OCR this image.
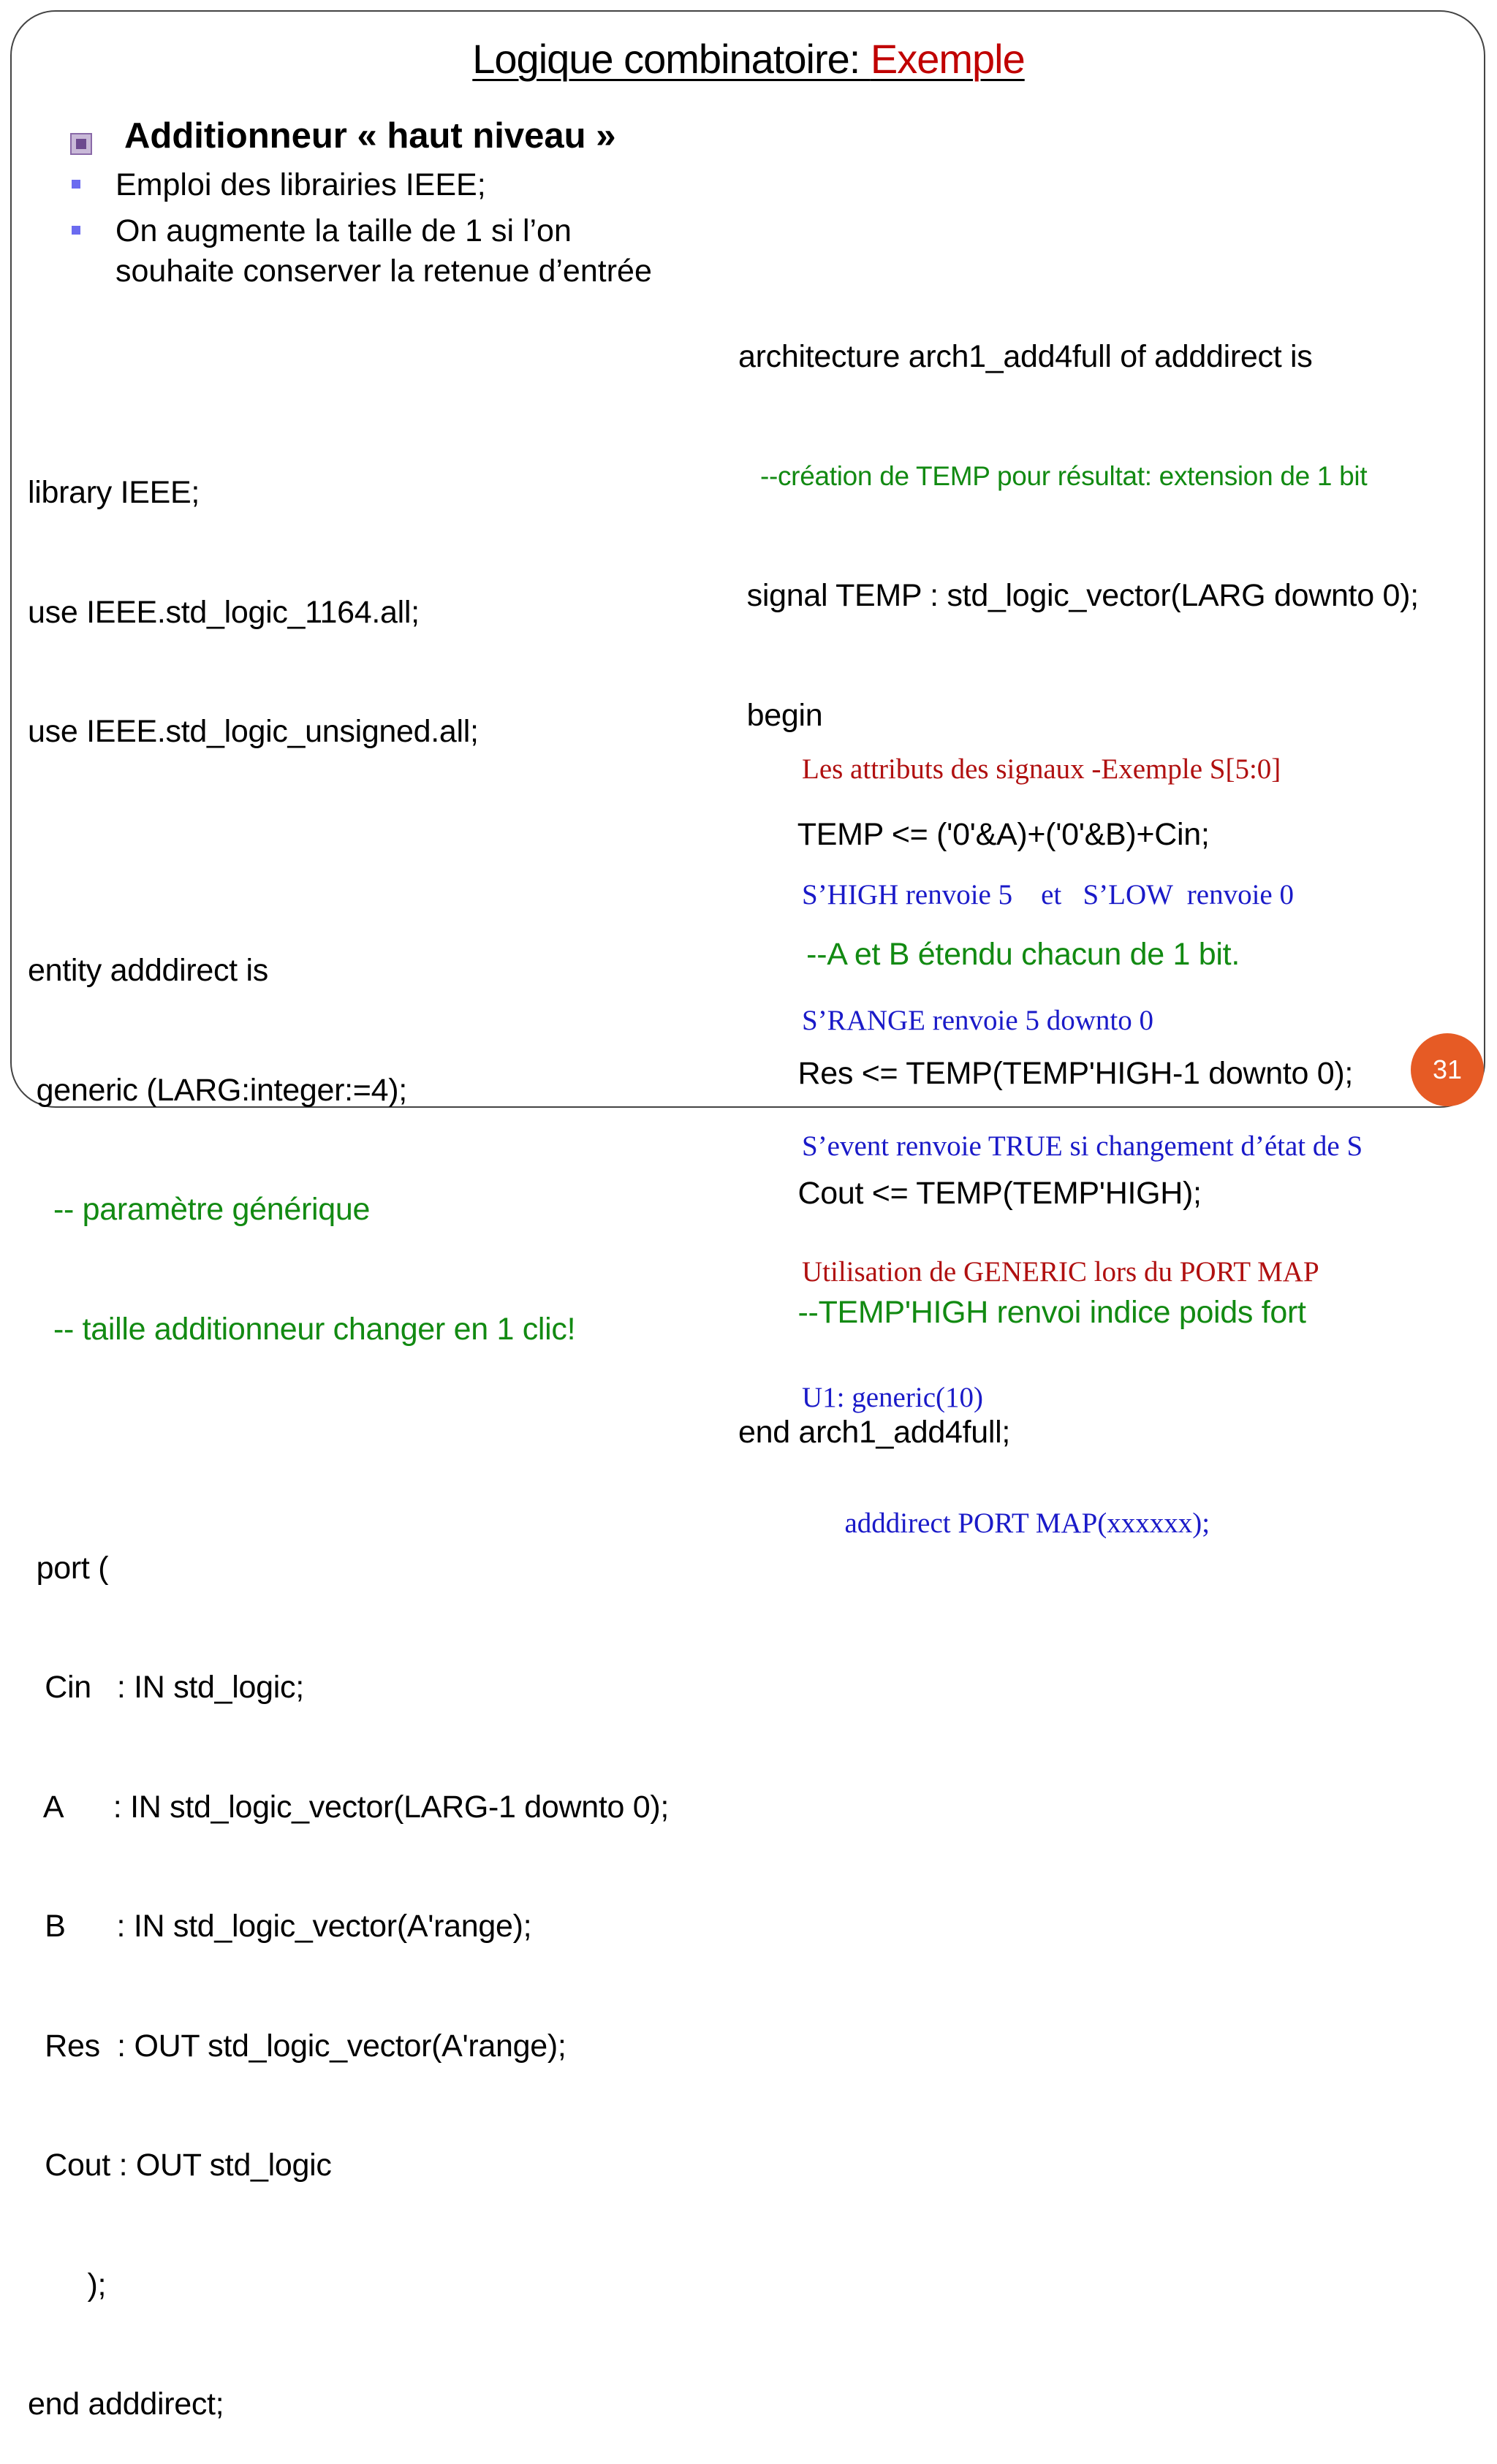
Logique combinatoire: Exemple
Additionneur « haut niveau »
Emploi des librairies IEEE;
On augmente la taille de 1 si l’on
souhaite conserver la retenue d’entrée

library IEEE;

use IEEE.std_logic_1164.all;

use IEEE.std_logic_unsigned.all;

entity adddirect is

generic (LARG:integer:=4);

-- paramètre générique

-- taille additionneur changer en 1 clic!

port (

Cin   : IN std_logic;

A      : IN std_logic_vector(LARG-1 downto 0);

B      : IN std_logic_vector(A'range);

Res  : OUT std_logic_vector(A'range);

Cout : OUT std_logic

);

end adddirect;

architecture arch1_add4full of adddirect is

--création de TEMP pour résultat: extension de 1 bit

signal TEMP : std_logic_vector(LARG downto 0);

begin

TEMP <= ('0'&A)+('0'&B)+Cin;

--A et B étendu chacun de 1 bit.

Res <= TEMP(TEMP'HIGH-1 downto 0);

Cout <= TEMP(TEMP'HIGH);

--TEMP'HIGH renvoi indice poids fort

end arch1_add4full;

Les attributs des signaux -Exemple S[5:0]

S’HIGH renvoie 5    et   S’LOW  renvoie 0

S’RANGE renvoie 5 downto 0

S’event renvoie TRUE si changement d’état de S

Utilisation de GENERIC lors du PORT MAP

U1: generic(10)

adddirect PORT MAP(xxxxxx);

31
